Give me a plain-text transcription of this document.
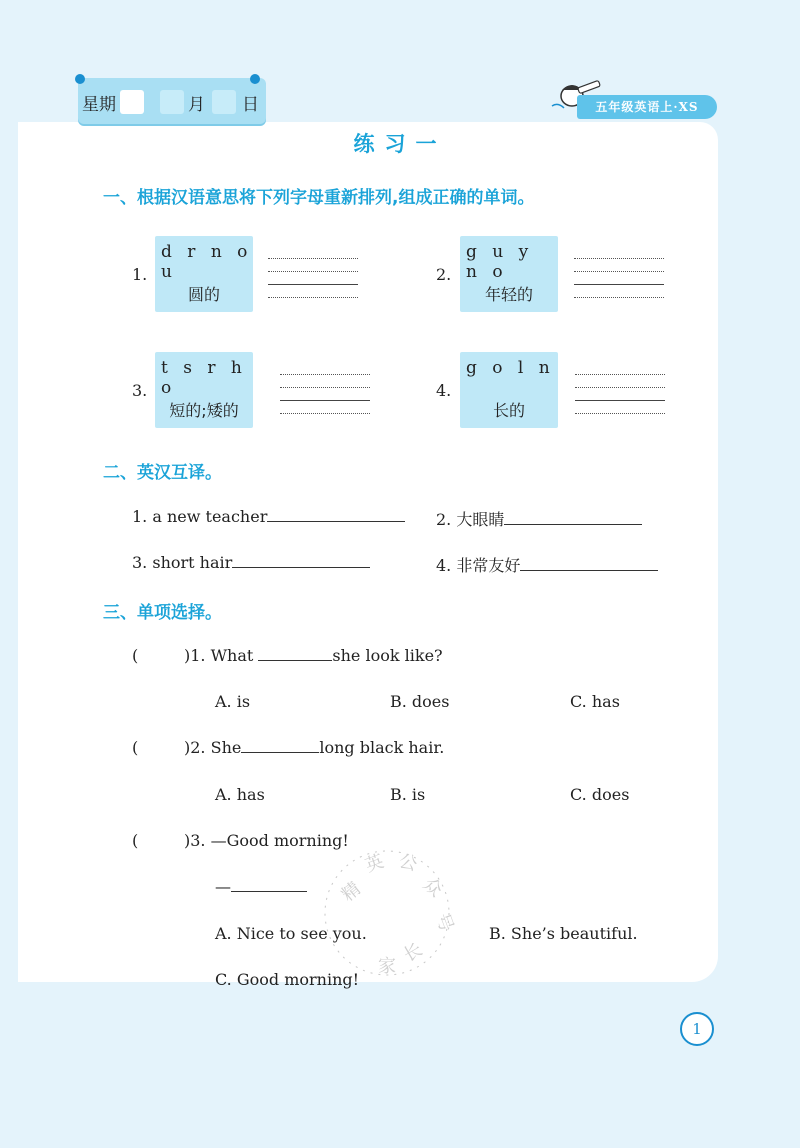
星期	月 日	五年级英语上·XS
练习一
一、根据汉语意思将下列字母重新排列,组成正确的单词。
1.
d r n o u
圆的
2.
g u y n o
年轻的
3.
t s r h o
短的;矮的
4.
g o l n
长的
二、英汉互译。
1. a new teacher	2. 大眼睛
3. short hair	4. 非常友好
三、单项选择。
(	)1. What	she look like?
A. is	B. does	C. has
(	)2. She	long black hair.
A. has	B. is	C. does
(	)3. —Good morning!
—
A. Nice to see you.	B. She’s beautiful.
C. Good morning!
精
英 公
众
号
长
家
1
